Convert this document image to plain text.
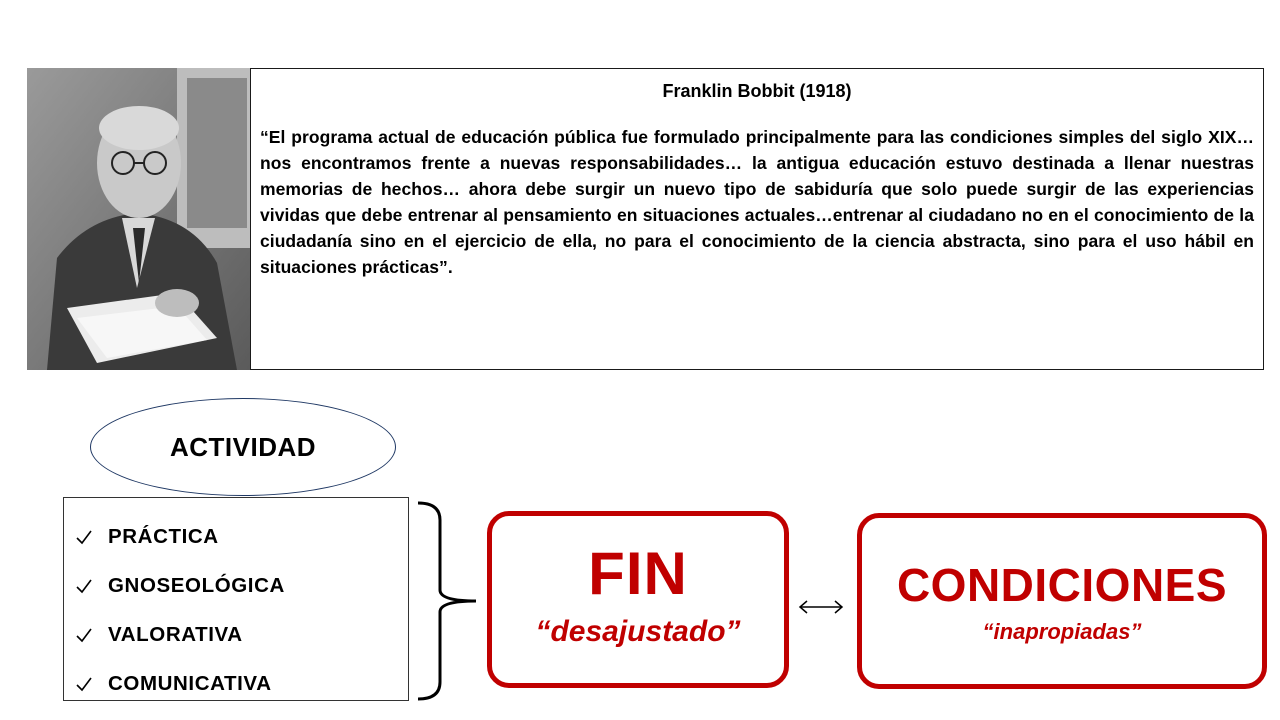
Franklin Bobbit (1918)
“El programa actual de educación pública fue formulado principalmente para las condiciones simples del siglo XIX… nos encontramos frente a nuevas responsabilidades… la antigua educación estuvo destinada a llenar nuestras memorias de hechos… ahora debe surgir un nuevo tipo de sabiduría que solo puede surgir de las experiencias vividas que debe entrenar al pensamiento en situaciones actuales…entrenar al ciudadano no en el conocimiento de la ciudadanía sino en el ejercicio de ella, no para el conocimiento de la ciencia abstracta, sino para el uso hábil en situaciones prácticas”.
ACTIVIDAD
PRÁCTICA
GNOSEOLÓGICA
VALORATIVA
COMUNICATIVA
FIN
“desajustado”
CONDICIONES
“inapropiadas”
